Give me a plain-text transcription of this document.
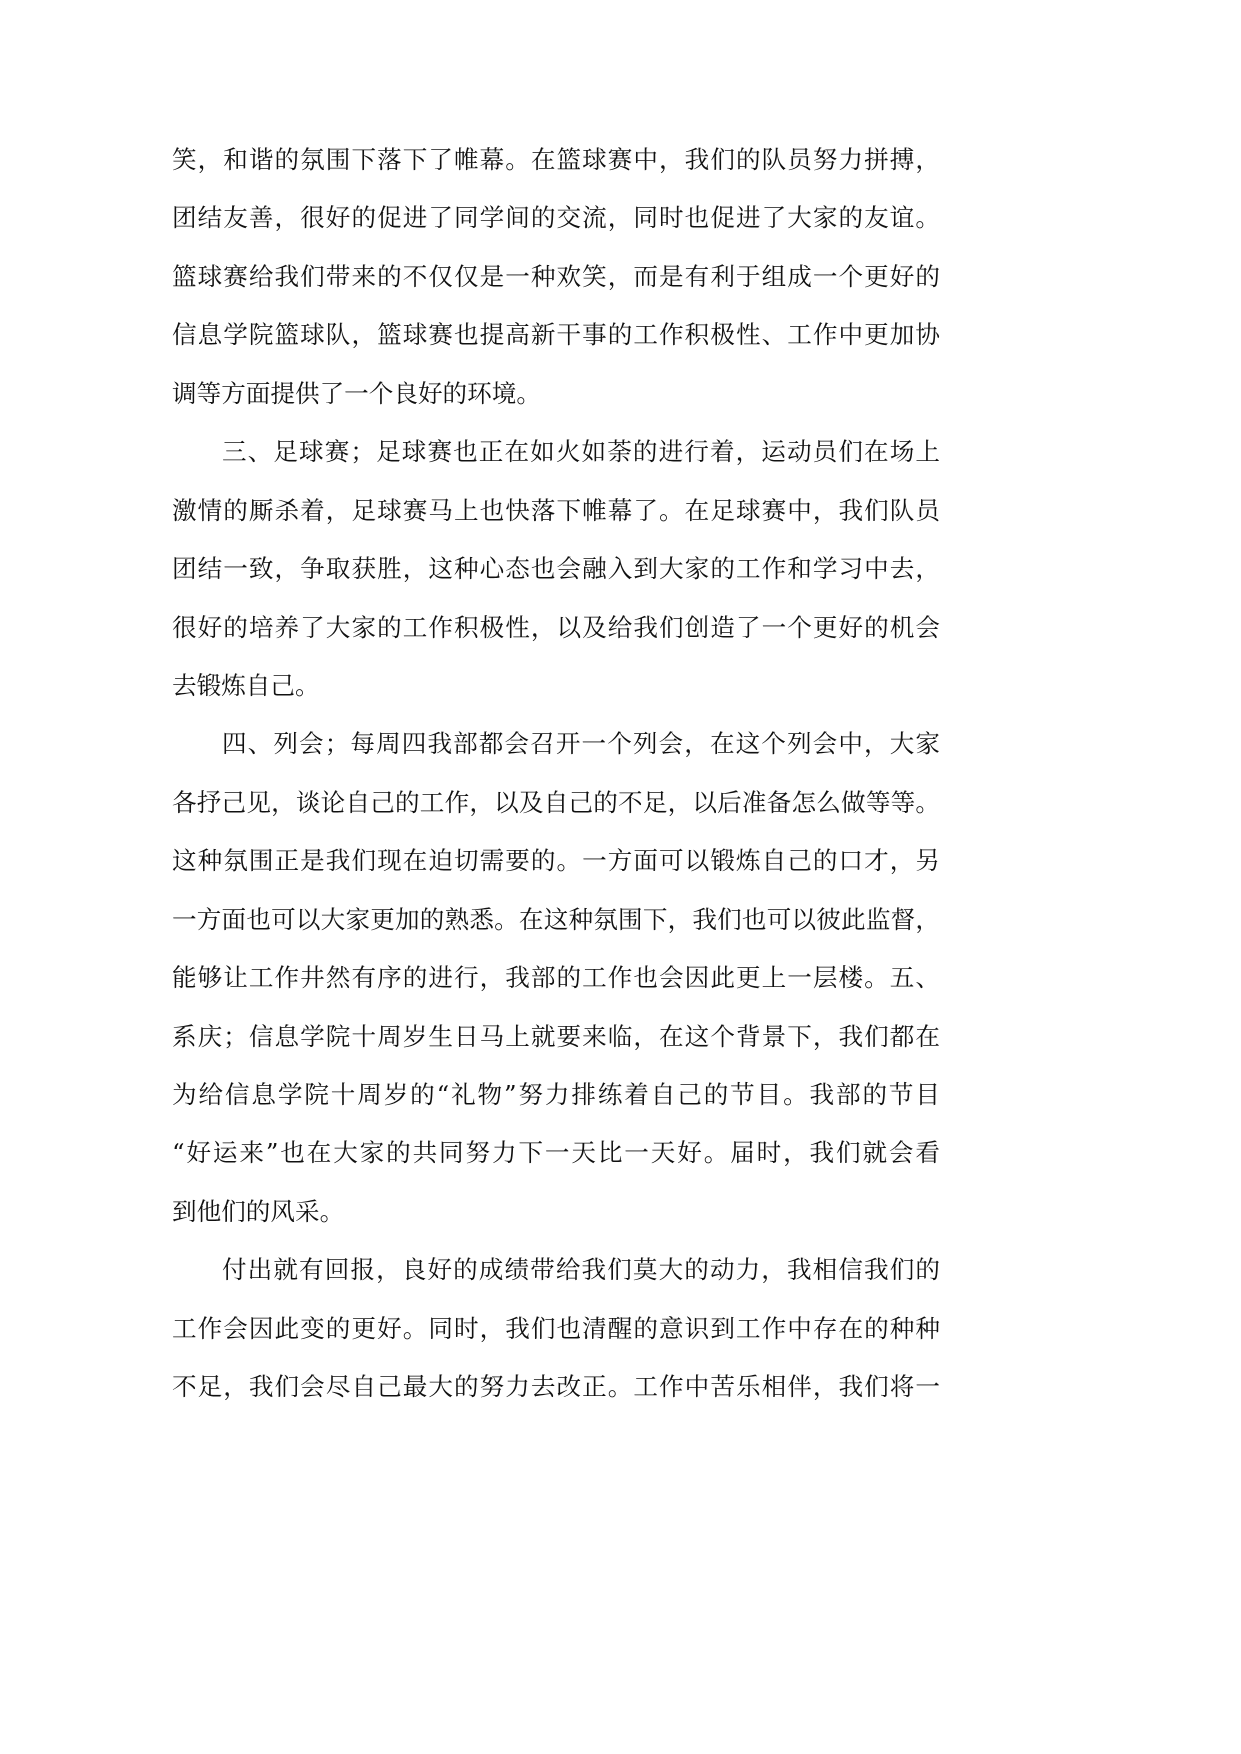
笑，和谐的氛围下落下了帷幕。在篮球赛中，我们的队员努力拼搏，
团结友善，很好的促进了同学间的交流，同时也促进了大家的友谊。
篮球赛给我们带来的不仅仅是一种欢笑，而是有利于组成一个更好的
信息学院篮球队，篮球赛也提高新干事的工作积极性、工作中更加协
调等方面提供了一个良好的环境。
三、足球赛；足球赛也正在如火如荼的进行着，运动员们在场上
激情的厮杀着，足球赛马上也快落下帷幕了。在足球赛中，我们队员
团结一致，争取获胜，这种心态也会融入到大家的工作和学习中去，
很好的培养了大家的工作积极性，以及给我们创造了一个更好的机会
去锻炼自己。
四、列会；每周四我部都会召开一个列会，在这个列会中，大家
各抒己见，谈论自己的工作，以及自己的不足，以后准备怎么做等等。
这种氛围正是我们现在迫切需要的。一方面可以锻炼自己的口才，另
一方面也可以大家更加的熟悉。在这种氛围下，我们也可以彼此监督，
能够让工作井然有序的进行，我部的工作也会因此更上一层楼。五、
系庆；信息学院十周岁生日马上就要来临，在这个背景下，我们都在
为给信息学院十周岁的“礼物”努力排练着自己的节目。我部的节目
“好运来”也在大家的共同努力下一天比一天好。届时，我们就会看
到他们的风采。
付出就有回报，良好的成绩带给我们莫大的动力，我相信我们的
工作会因此变的更好。同时，我们也清醒的意识到工作中存在的种种
不足，我们会尽自己最大的努力去改正。工作中苦乐相伴，我们将一
